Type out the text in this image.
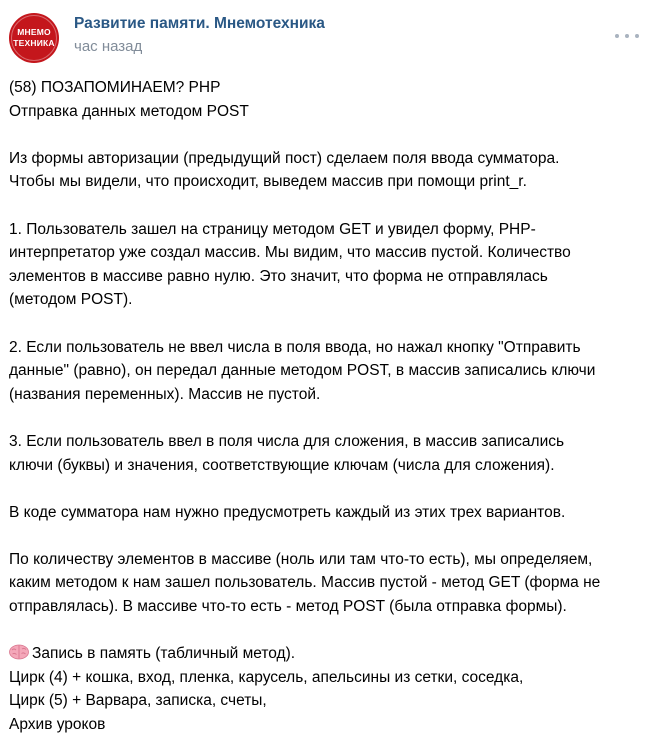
МНЕМО
ТЕХНИКА
Развитие памяти. Мнемотехника
час назад
(58) ПОЗАПОМИНАЕМ? PHP
Отправка данных методом POST
Из формы авторизации (предыдущий пост) сделаем поля ввода сумматора.
Чтобы мы видели, что происходит, выведем массив при помощи print_r.
1. Пользователь зашел на страницу методом GET и увидел форму, PHP-
интерпретатор уже создал массив. Мы видим, что массив пустой. Количество
элементов в массиве равно нулю. Это значит, что форма не отправлялась
(методом POST).
2. Если пользователь не ввел числа в поля ввода, но нажал кнопку "Отправить
данные" (равно), он передал данные методом POST, в массив записались ключи
(названия переменных). Массив не пустой.
3. Если пользователь ввел в поля числа для сложения, в массив записались
ключи (буквы) и значения, соответствующие ключам (числа для сложения).
В коде сумматора нам нужно предусмотреть каждый из этих трех вариантов.
По количеству элементов в массиве (ноль или там что-то есть), мы определяем,
каким методом к нам зашел пользователь. Массив пустой - метод GET (форма не
отправлялась). В массиве что-то есть - метод POST (была отправка формы).
Запись в память (табличный метод).
Цирк (4) + кошка, вход, пленка, карусель, апельсины из сетки, соседка,
Цирк (5) + Варвара, записка, счеты,
Архив уроков
